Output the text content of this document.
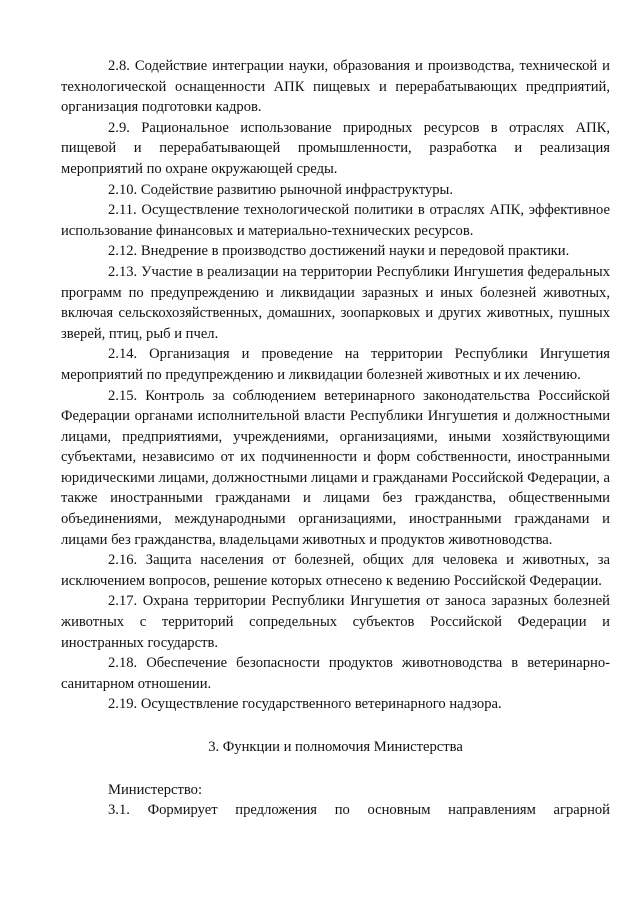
2.8. Содействие интеграции науки, образования и производства, технической и технологической оснащенности АПК пищевых и перерабатывающих предприятий, организация подготовки кадров.

2.9. Рациональное использование природных ресурсов в отраслях АПК, пищевой и перерабатывающей промышленности, разработка и реализация мероприятий по охране окружающей среды.

2.10. Содействие развитию рыночной инфраструктуры.

2.11. Осуществление технологической политики в отраслях АПК, эффективное использование финансовых и материально-технических ресурсов.

2.12. Внедрение в производство достижений науки и передовой практики.

2.13. Участие в реализации на территории Республики Ингушетия федеральных программ по предупреждению и ликвидации заразных и иных болезней животных, включая сельскохозяйственных, домашних, зоопарковых и других животных, пушных зверей, птиц, рыб и пчел.

2.14. Организация и проведение на территории Республики Ингушетия мероприятий по предупреждению и ликвидации болезней животных и их лечению.

2.15. Контроль за соблюдением ветеринарного законодательства Российской Федерации органами исполнительной власти Республики Ингушетия и должностными лицами, предприятиями, учреждениями, организациями, иными хозяйствующими субъектами, независимо от их подчиненности и форм собственности, иностранными юридическими лицами, должностными лицами и гражданами Российской Федерации, а также иностранными гражданами и лицами без гражданства, общественными объединениями, международными организациями, иностранными гражданами и лицами без гражданства, владельцами животных и продуктов животноводства.

2.16. Защита населения от болезней, общих для человека и животных, за исключением вопросов, решение которых отнесено к ведению Российской Федерации.

2.17. Охрана территории Республики Ингушетия от заноса заразных болезней животных с территорий сопредельных субъектов Российской Федерации и иностранных государств.

2.18. Обеспечение безопасности продуктов животноводства в ветеринарно-санитарном отношении.

2.19. Осуществление государственного ветеринарного надзора.

3. Функции и полномочия Министерства

Министерство:

3.1. Формирует предложения по основным направлениям аграрной
